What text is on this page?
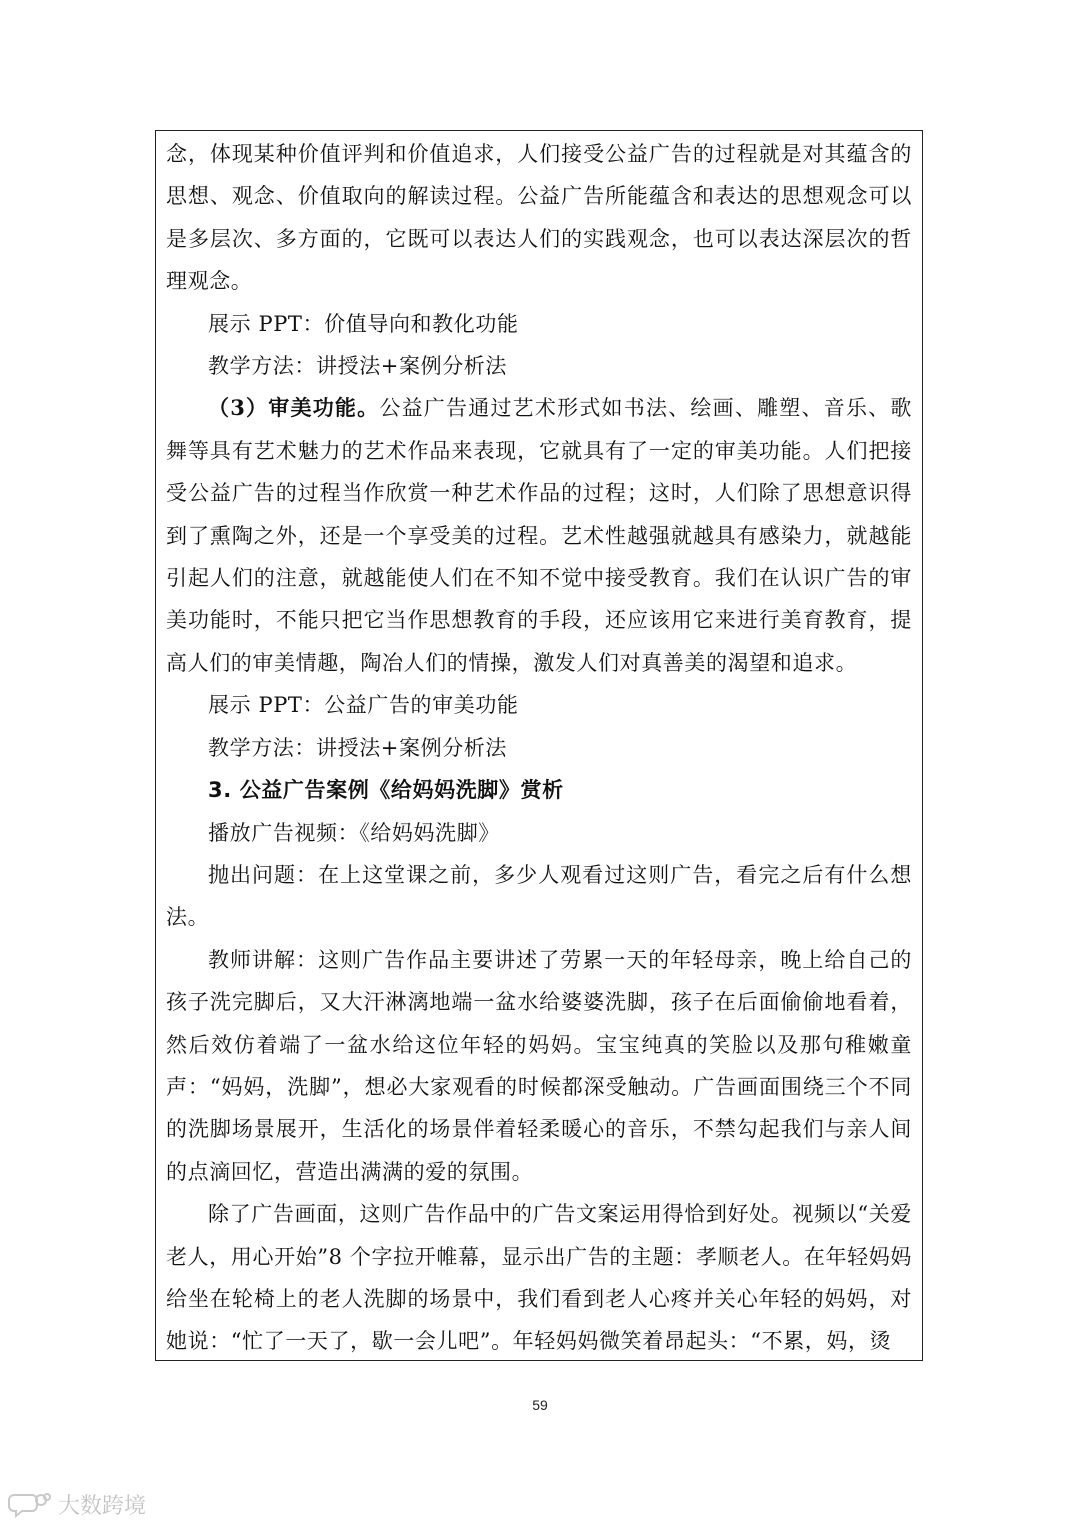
念，体现某种价值评判和价值追求，人们接受公益广告的过程就是对其蕴含的思想、观念、价值取向的解读过程。公益广告所能蕴含和表达的思想观念可以是多层次、多方面的，它既可以表达人们的实践观念，也可以表达深层次的哲理观念。

展示 PPT：价值导向和教化功能

教学方法：讲授法+案例分析法

（3）审美功能。公益广告通过艺术形式如书法、绘画、雕塑、音乐、歌舞等具有艺术魅力的艺术作品来表现，它就具有了一定的审美功能。人们把接受公益广告的过程当作欣赏一种艺术作品的过程；这时，人们除了思想意识得到了熏陶之外，还是一个享受美的过程。艺术性越强就越具有感染力，就越能引起人们的注意，就越能使人们在不知不觉中接受教育。我们在认识广告的审美功能时，不能只把它当作思想教育的手段，还应该用它来进行美育教育，提高人们的审美情趣，陶冶人们的情操，激发人们对真善美的渴望和追求。

展示 PPT：公益广告的审美功能

教学方法：讲授法+案例分析法

3. 公益广告案例《给妈妈洗脚》赏析

播放广告视频：《给妈妈洗脚》

抛出问题：在上这堂课之前，多少人观看过这则广告，看完之后有什么想法。

教师讲解：这则广告作品主要讲述了劳累一天的年轻母亲，晚上给自己的孩子洗完脚后，又大汗淋漓地端一盆水给婆婆洗脚，孩子在后面偷偷地看着，然后效仿着端了一盆水给这位年轻的妈妈。宝宝纯真的笑脸以及那句稚嫩童声：“妈妈，洗脚”，想必大家观看的时候都深受触动。广告画面围绕三个不同的洗脚场景展开，生活化的场景伴着轻柔暖心的音乐，不禁勾起我们与亲人间的点滴回忆，营造出满满的爱的氛围。

除了广告画面，这则广告作品中的广告文案运用得恰到好处。视频以“关爱老人，用心开始”8 个字拉开帷幕，显示出广告的主题：孝顺老人。在年轻妈妈给坐在轮椅上的老人洗脚的场景中，我们看到老人心疼并关心年轻的妈妈，对她说：“忙了一天了，歇一会儿吧”。年轻妈妈微笑着昂起头：“不累，妈，烫

59
大数跨境
